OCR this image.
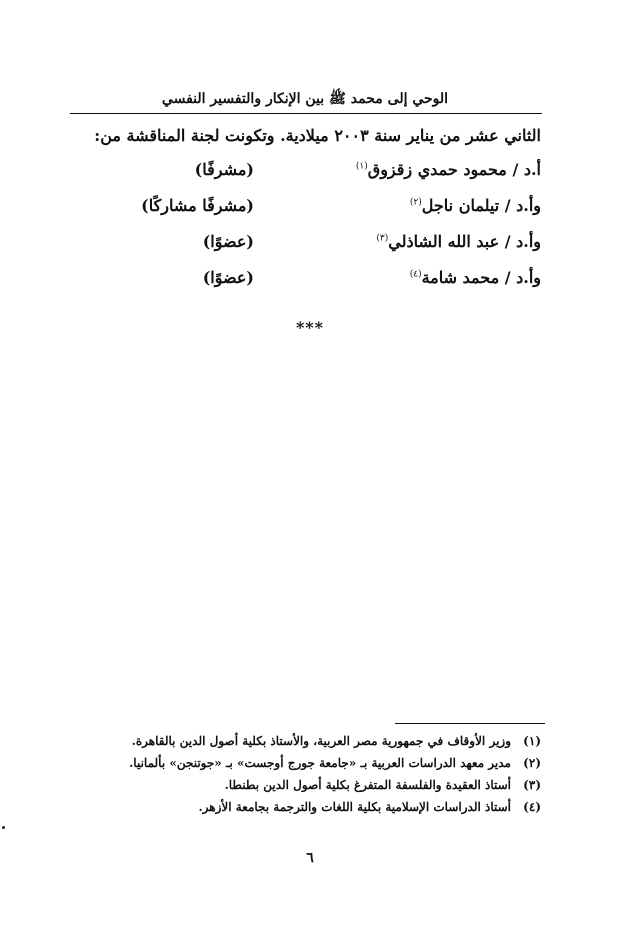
الوحي إلى محمد ﷺ بين الإنكار والتفسير النفسي
الثاني عشر من يناير سنة ٢٠٠٣ ميلادية. وتكونت لجنة المناقشة من:
أ.د / محمود حمدي زقزوق$^{(١)}$
(مشرفًا)
وأ.د / تيلمان ناجل$^{(٢)}$
(مشرفًا مشاركًا)
وأ.د / عبد الله الشاذلي$^{(٣)}$
(عضوًا)
وأ.د / محمد شامة$^{(٤)}$
(عضوًا)
***
(١)وزير الأوقاف في جمهورية مصر العربية، والأستاذ بكلية أصول الدين بالقاهرة.
(٢)مدير معهد الدراسات العربية بـ «جامعة جورج أوجست» بـ «جوتنجن» بألمانيا.
(٣)أستاذ العقيدة والفلسفة المتفرغ بكلية أصول الدين بطنطا.
(٤)أستاذ الدراسات الإسلامية بكلية اللغات والترجمة بجامعة الأزهر.
٦
